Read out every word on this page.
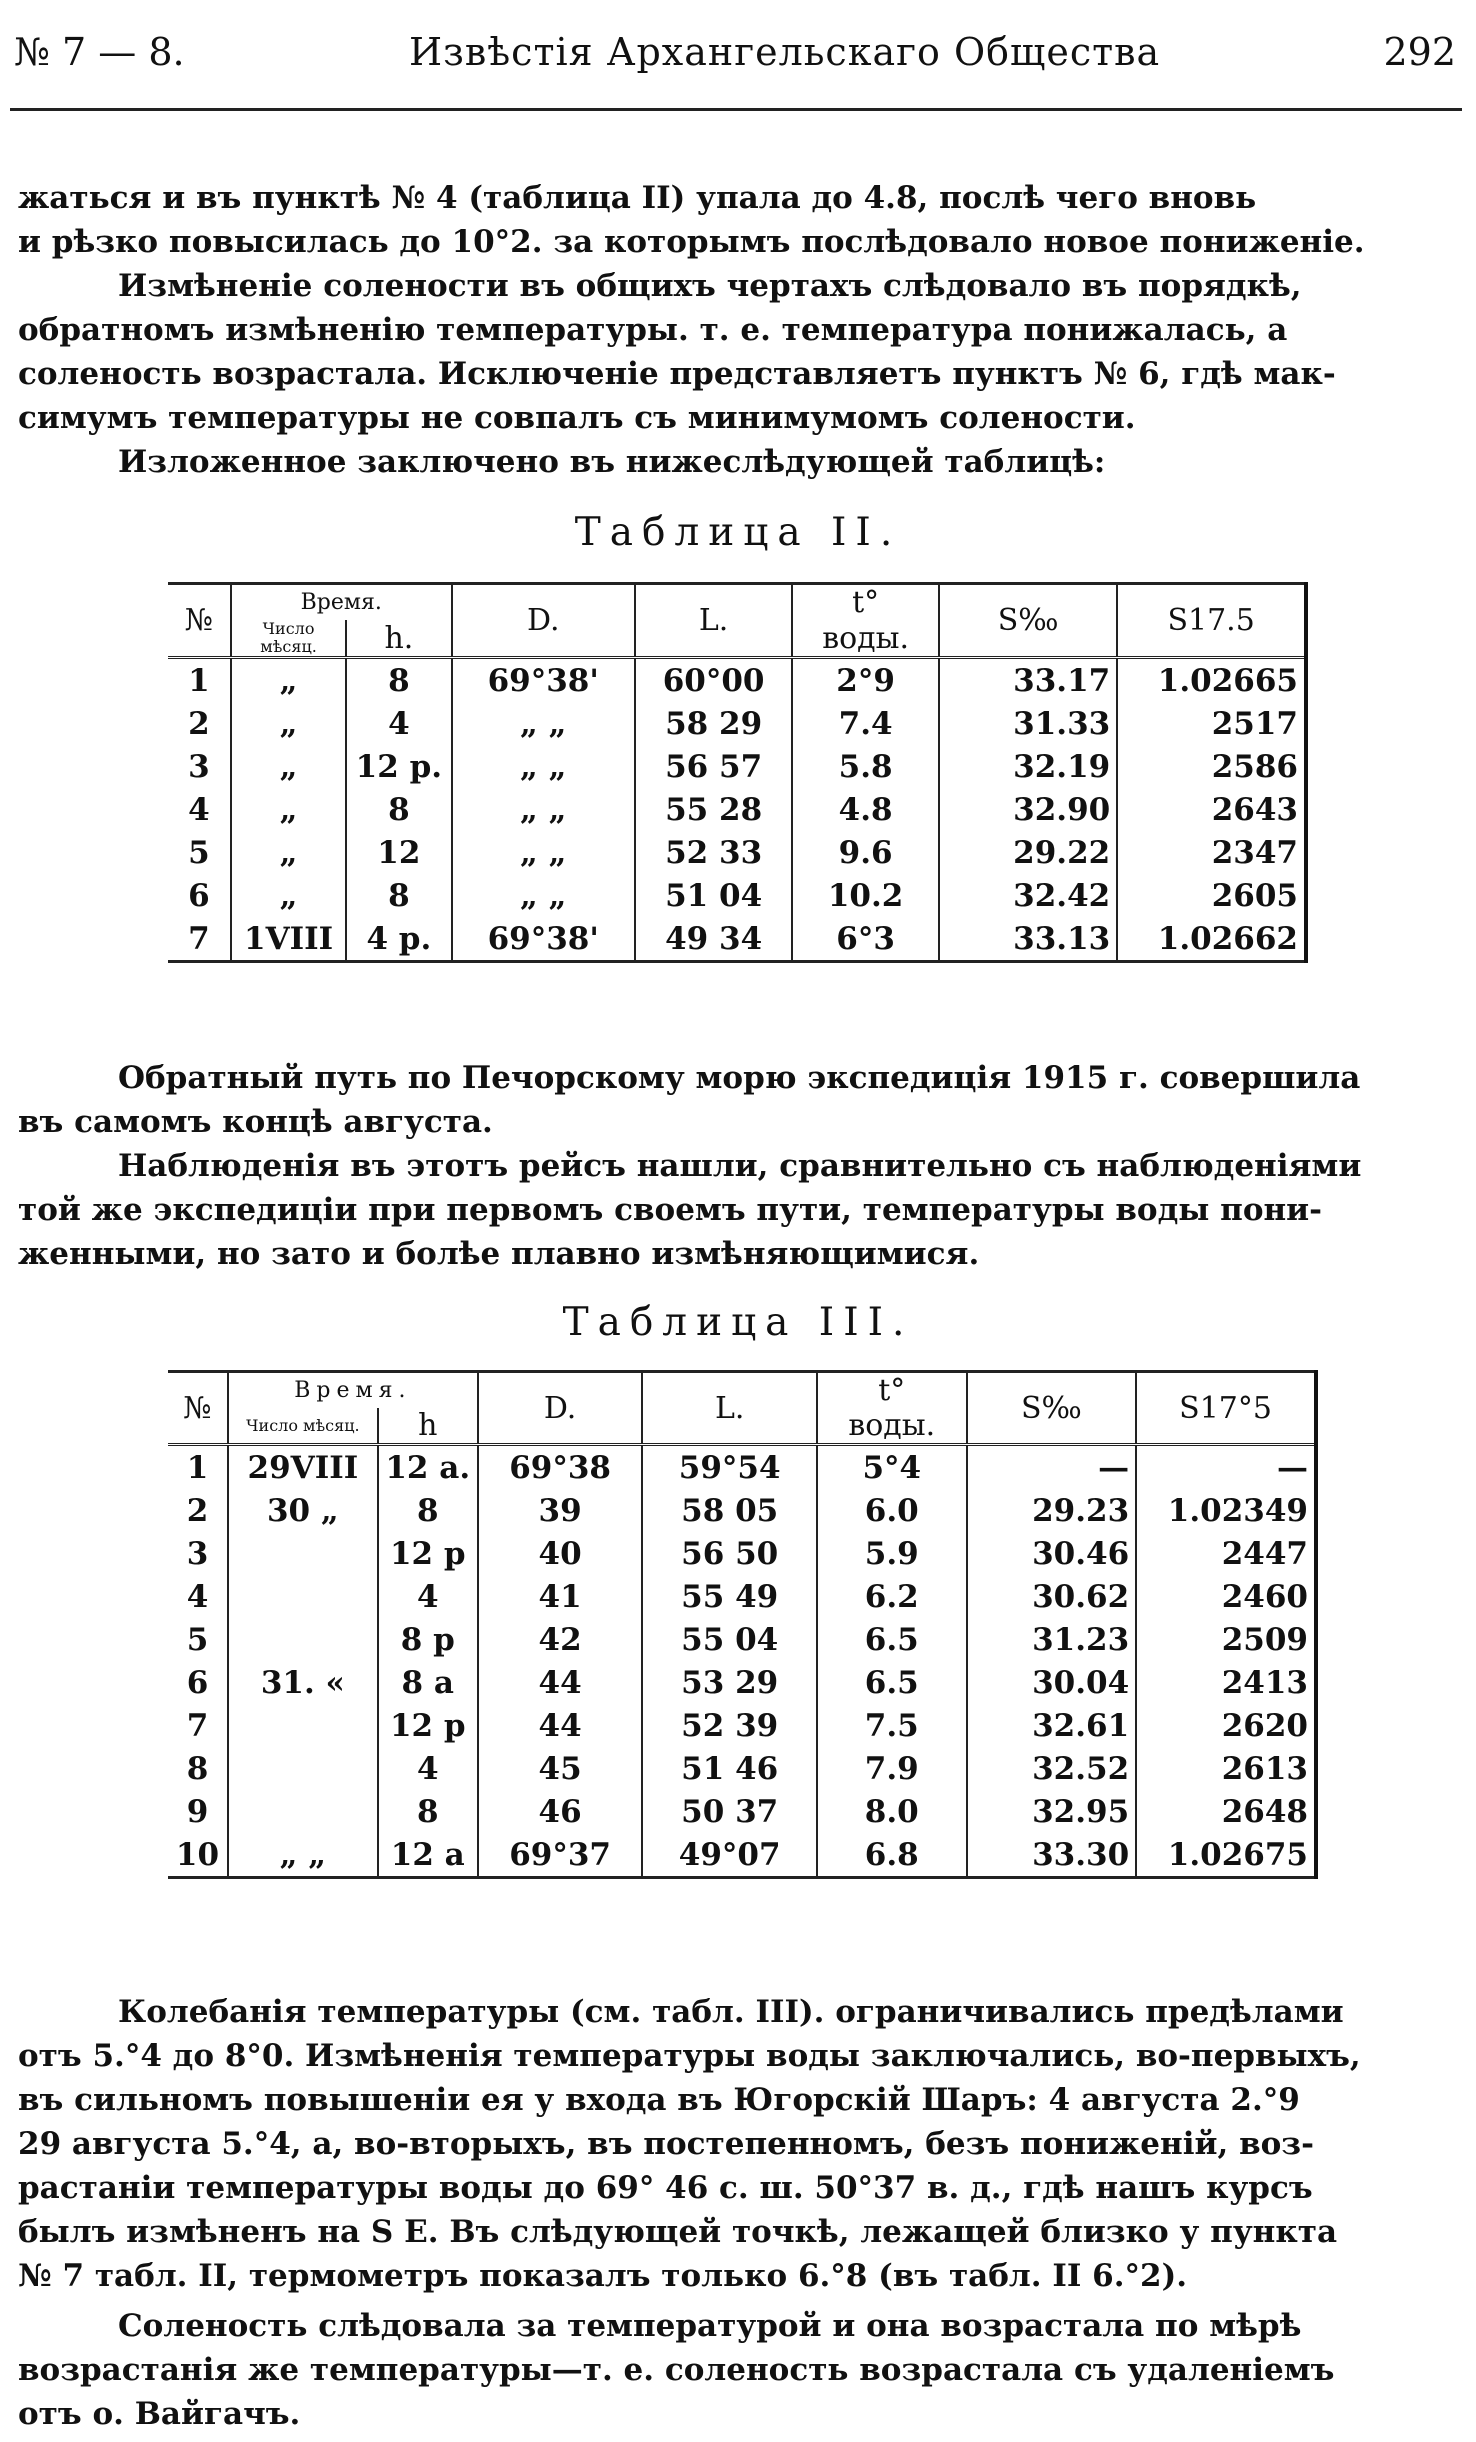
№ 7 — 8.	Извѣстія Архангельскаго Общества	292

жаться и въ пунктѣ № 4 (таблица II) упала до 4.8, послѣ чего вновь

и рѣзко повысилась до 10°2. за которымъ послѣдовало новое пониженіе.

Измѣненіе солености въ общихъ чертахъ слѣдовало въ порядкѣ,

обратномъ измѣненію температуры. т. е. температура понижалась, а

соленость возрастала. Исключеніе представляетъ пунктъ № 6, гдѣ мак-

симумъ температуры не совпалъ съ минимумомъ солености.

Изложенное заключено въ нижеслѣдующей таблицѣ:

Таблица II.
№	Время.		D.	L.	t°	S‰	S17.5
	Число мѣсяц.	h.			воды.		
1	„	8	69°38'	60°00	2°9	33.17	1.02665
2	„	4	„ „	58 29	7.4	31.33	2517
3	„	12 p.	„ „	56 57	5.8	32.19	2586
4	„	8	„ „	55 28	4.8	32.90	2643
5	„	12	„ „	52 33	9.6	29.22	2347
6	„	8	„ „	51 04	10.2	32.42	2605
7	1VIII	4 p.	69°38'	49 34	6°3	33.13	1.02662

Обратный путь по Печорскому морю экспедиція 1915 г. совершила

въ самомъ концѣ августа.

Наблюденія въ этотъ рейсъ нашли, сравнительно съ наблюденіями

той же экспедиціи при первомъ своемъ пути, температуры воды пони-

женными, но зато и болѣе плавно измѣняющимися.

Таблица III.
№	Время.		D.	L.	t°	S‰	S17°5
	Число мѣсяц.	h			воды.		
1	29VIII	12 a.	69°38	59°54	5°4	—	—
2	30 „	8	39	58 05	6.0	29.23	1.02349
3		12 p	40	56 50	5.9	30.46	2447
4		4	41	55 49	6.2	30.62	2460
5		8 p	42	55 04	6.5	31.23	2509
6	31. «	8 a	44	53 29	6.5	30.04	2413
7		12 p	44	52 39	7.5	32.61	2620
8		4	45	51 46	7.9	32.52	2613
9		8	46	50 37	8.0	32.95	2648
10	„ „	12 a	69°37	49°07	6.8	33.30	1.02675

Колебанія температуры (см. табл. III). ограничивались предѣлами

отъ 5.°4 до 8°0. Измѣненія температуры воды заключались, во-первыхъ,

въ сильномъ повышеніи ея у входа въ Югорскій Шаръ: 4 августа 2.°9

29 августа 5.°4, а, во-вторыхъ, въ постепенномъ, безъ пониженій, воз-

растаніи температуры воды до 69° 46 с. ш. 50°37 в. д., гдѣ нашъ курсъ

былъ измѣненъ на S E. Въ слѣдующей точкѣ, лежащей близко у пункта

№ 7 табл. II, термометръ показалъ только 6.°8 (въ табл. II 6.°2).

Соленость слѣдовала за температурой и она возрастала по мѣрѣ

возрастанія же температуры—т. е. соленость возрастала съ удаленіемъ

отъ о. Вайгачъ.
